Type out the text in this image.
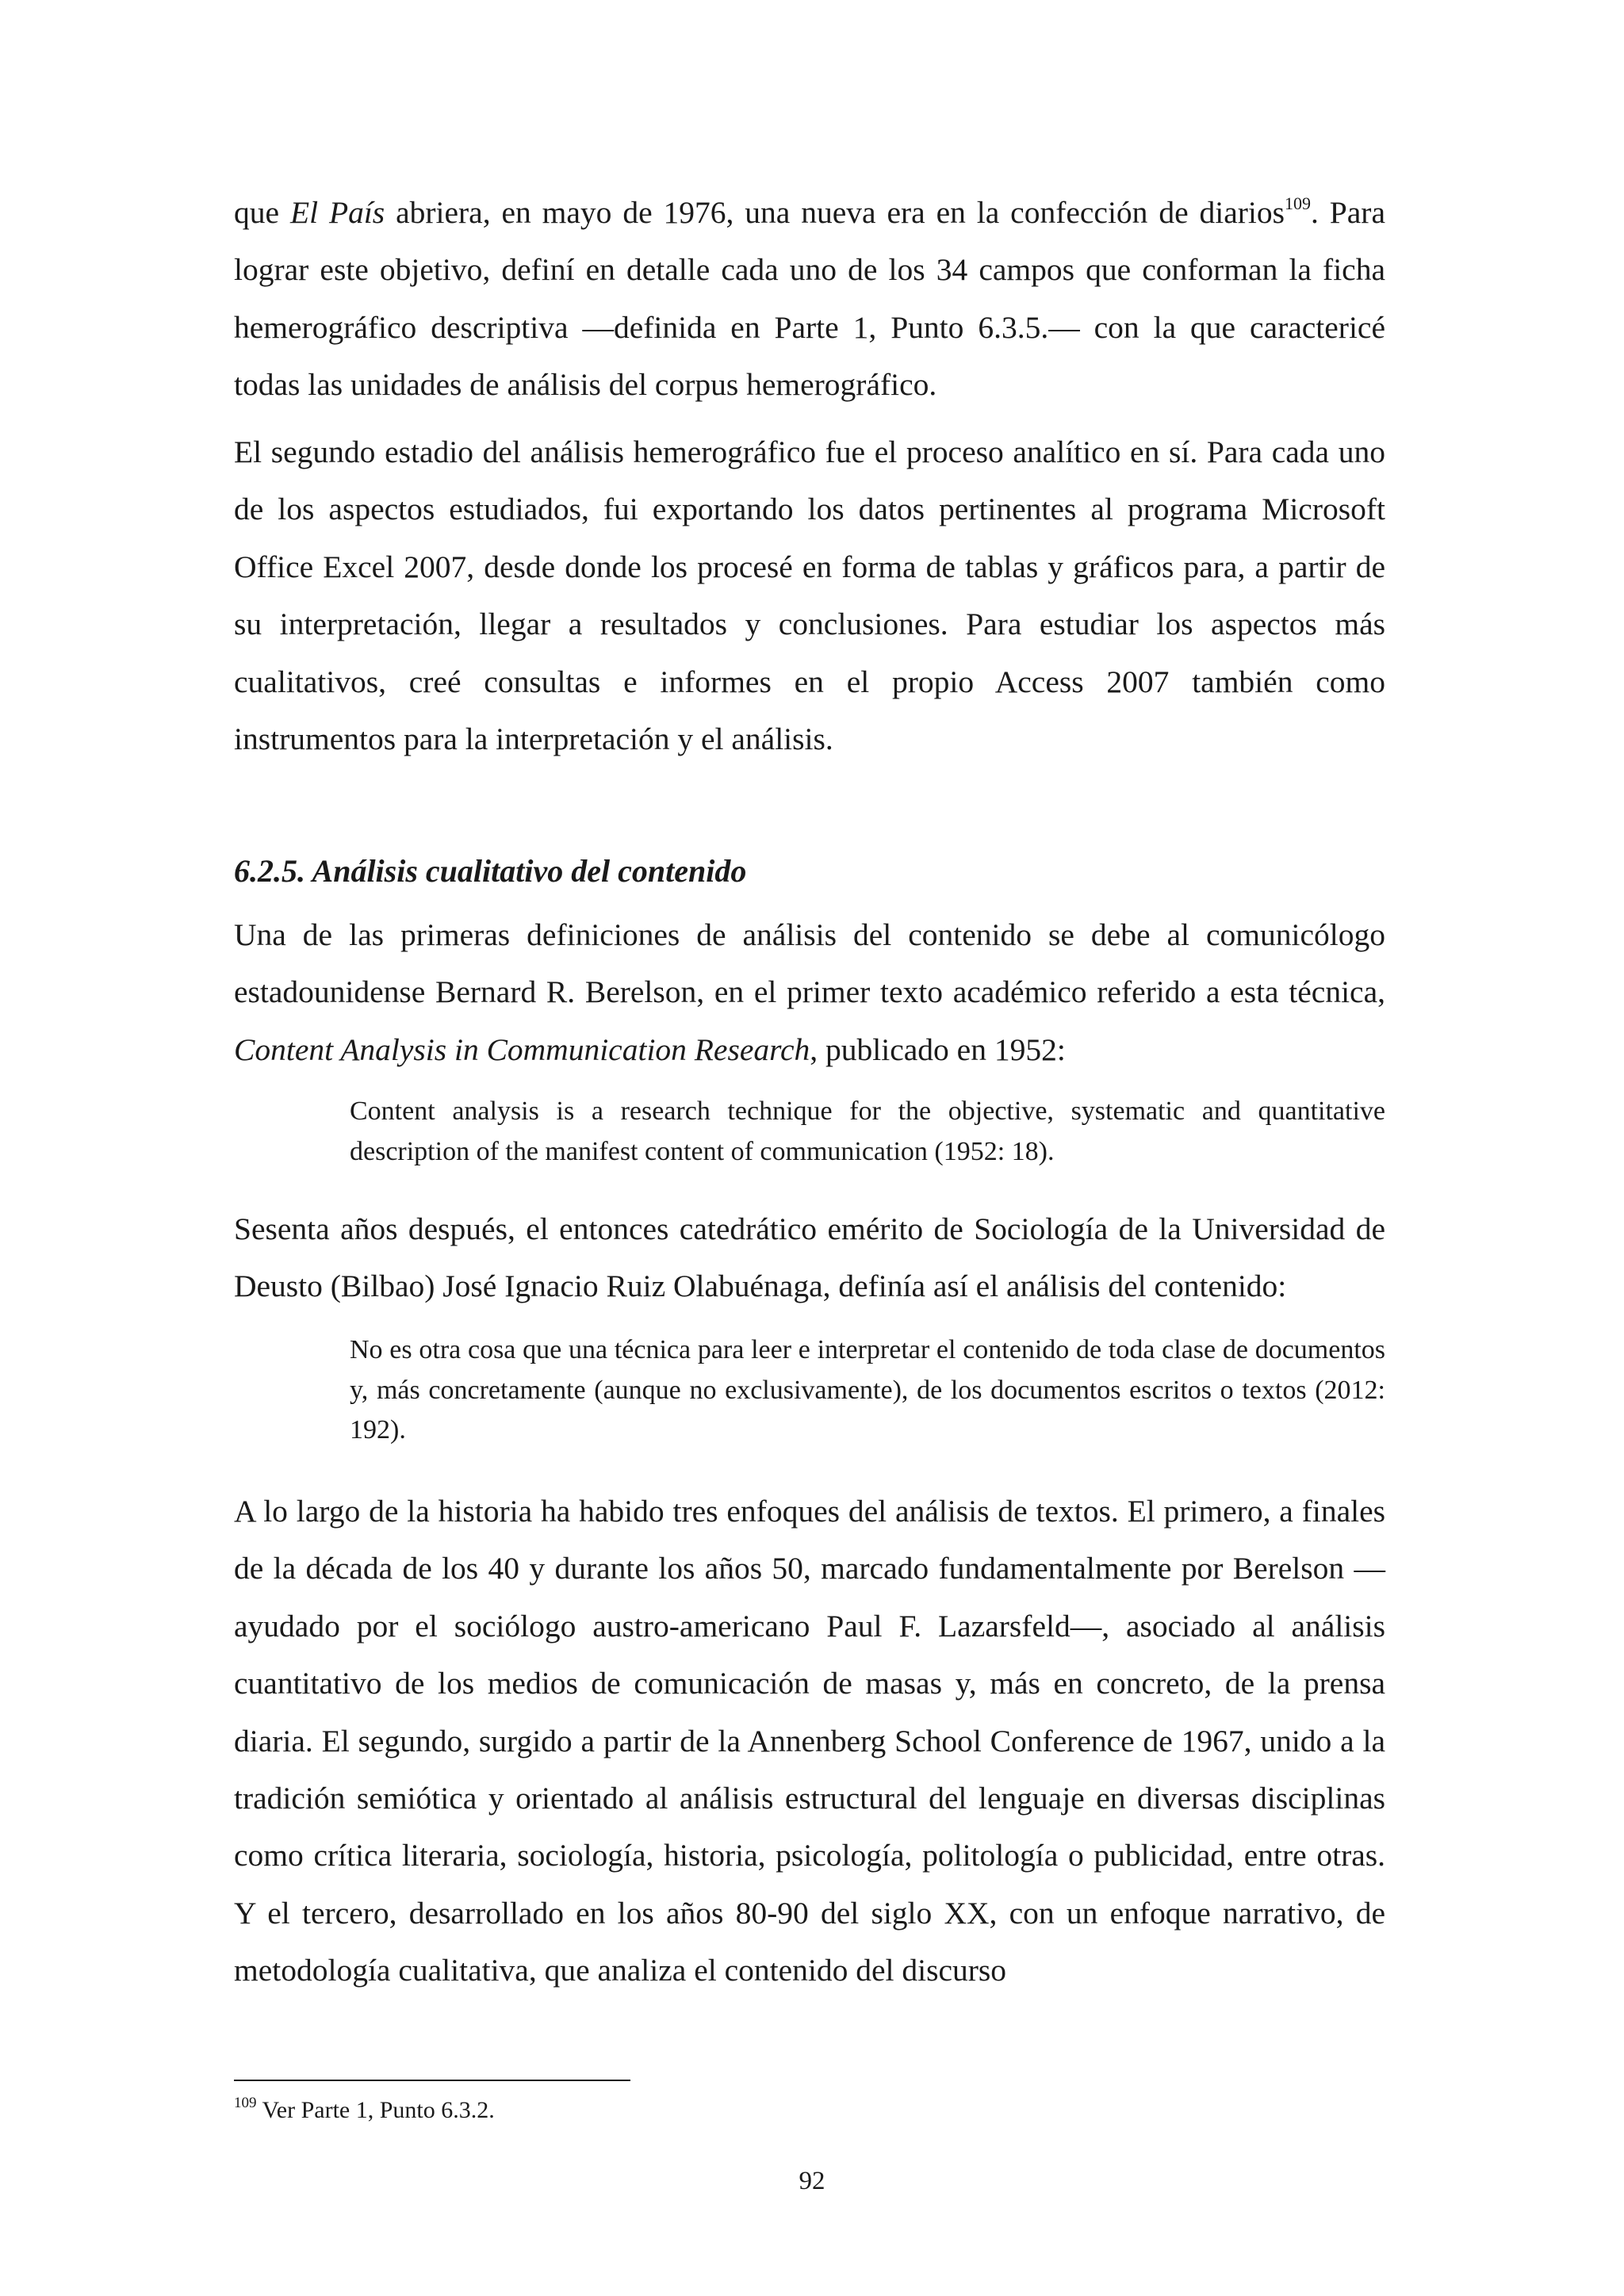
que El País abriera, en mayo de 1976, una nueva era en la confección de diarios$^{109}$. Para lograr este objetivo, definí en detalle cada uno de los 34 campos que conforman la ficha hemerográfico descriptiva —definida en Parte 1, Punto 6.3.5.— con la que caractericé todas las unidades de análisis del corpus hemerográfico.

El segundo estadio del análisis hemerográfico fue el proceso analítico en sí. Para cada uno de los aspectos estudiados, fui exportando los datos pertinentes al programa Microsoft Office Excel 2007, desde donde los procesé en forma de tablas y gráficos para, a partir de su interpretación, llegar a resultados y conclusiones. Para estudiar los aspectos más cualitativos, creé consultas e informes en el propio Access 2007 también como instrumentos para la interpretación y el análisis.

6.2.5. Análisis cualitativo del contenido

Una de las primeras definiciones de análisis del contenido se debe al comunicólogo estadounidense Bernard R. Berelson, en el primer texto académico referido a esta técnica, Content Analysis in Communication Research, publicado en 1952:

Content analysis is a research technique for the objective, systematic and quantitative description of the manifest content of communication (1952: 18).

Sesenta años después, el entonces catedrático emérito de Sociología de la Universidad de Deusto (Bilbao) José Ignacio Ruiz Olabuénaga, definía así el análisis del contenido:

No es otra cosa que una técnica para leer e interpretar el contenido de toda clase de documentos y, más concretamente (aunque no exclusivamente), de los documentos escritos o textos (2012: 192).

A lo largo de la historia ha habido tres enfoques del análisis de textos. El primero, a finales de la década de los 40 y durante los años 50, marcado fundamentalmente por Berelson —ayudado por el sociólogo austro-americano Paul F. Lazarsfeld—, asociado al análisis cuantitativo de los medios de comunicación de masas y, más en concreto, de la prensa diaria. El segundo, surgido a partir de la Annenberg School Conference de 1967, unido a la tradición semiótica y orientado al análisis estructural del lenguaje en diversas disciplinas como crítica literaria, sociología, historia, psicología, politología o publicidad, entre otras. Y el tercero, desarrollado en los años 80-90 del siglo XX, con un enfoque narrativo, de metodología cualitativa, que analiza el contenido del discurso

$^{109}$ Ver Parte 1, Punto 6.3.2.

92
